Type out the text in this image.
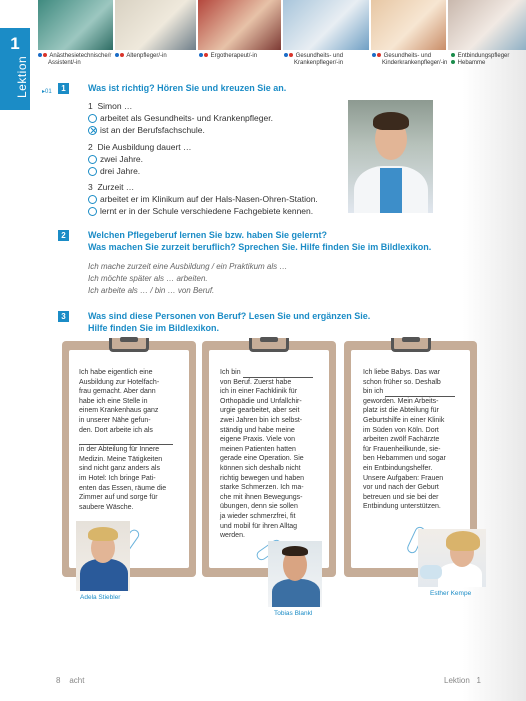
Anästhesietechnische/r
Assistent/-in
Altenpfleger/-in	Ergotherapeut/-in	Gesundheits- und
Krankenpfleger/-in
Gesundheits- und
Kinderkrankenpfleger/-in
Entbindungspfleger
Hebamme
1
Lektion ▸01	1	Was ist richtig? Hören Sie und kreuzen Sie an.
1 Simon …
arbeitet als Gesundheits- und Krankenpfleger.
ist an der Berufsfachschule.
2 Die Ausbildung dauert …
zwei Jahre.
drei Jahre.
3 Zurzeit …
arbeitet er im Klinikum auf der Hals-Nasen-Ohren-Station.
lernt er in der Schule verschiedene Fachgebiete kennen.
2	Welchen Pflegeberuf lernen Sie bzw. haben Sie gelernt?
Was machen Sie zurzeit beruflich? Sprechen Sie. Hilfe finden Sie im Bildlexikon.
Ich mache zurzeit eine Ausbildung / ein Praktikum als …
Ich möchte später als … arbeiten.
Ich arbeite als … / bin … von Beruf.
3	Was sind diese Personen von Beruf? Lesen Sie und ergänzen Sie.
Hilfe finden Sie im Bildlexikon.
Ich habe eigentlich eine
Ausbildung zur Hotelfach-
frau gemacht. Aber dann
habe ich eine Stelle in
einem Krankenhaus ganz
in unserer Nähe gefun-
den. Dort arbeite ich als
in der Abteilung für Innere
Medizin. Meine Tätigkeiten
sind nicht ganz anders als
im Hotel: Ich bringe Pati-
enten das Essen, räume die
Zimmer auf und sorge für
saubere Wäsche.
Adela Stiebler
Ich bin
von Beruf. Zuerst habe
ich in einer Fachklinik für
Orthopädie und Unfallchir-
urgie gearbeitet, aber seit
zwei Jahren bin ich selbst-
ständig und habe meine
eigene Praxis. Viele von
meinen Patienten hatten
gerade eine Operation. Sie
können sich deshalb nicht
richtig bewegen und haben
starke Schmerzen. Ich ma-
che mit ihnen Bewegungs-
übungen, denn sie sollen
ja wieder schmerzfrei, fit
und mobil für ihren Alltag
werden.
Tobias Blankl
Ich liebe Babys. Das war
schon früher so. Deshalb
bin ich
geworden. Mein Arbeits-
platz ist die Abteilung für
Geburtshilfe in einer Klinik
im Süden von Köln. Dort
arbeiten zwölf Fachärzte
für Frauenheilkunde, sie-
ben Hebammen und sogar
ein Entbindungshelfer.
Unsere Aufgaben: Frauen
vor und nach der Geburt
betreuen und sie bei der
Entbindung unterstützen.
Esther Kempe
8 acht	Lektion 1
